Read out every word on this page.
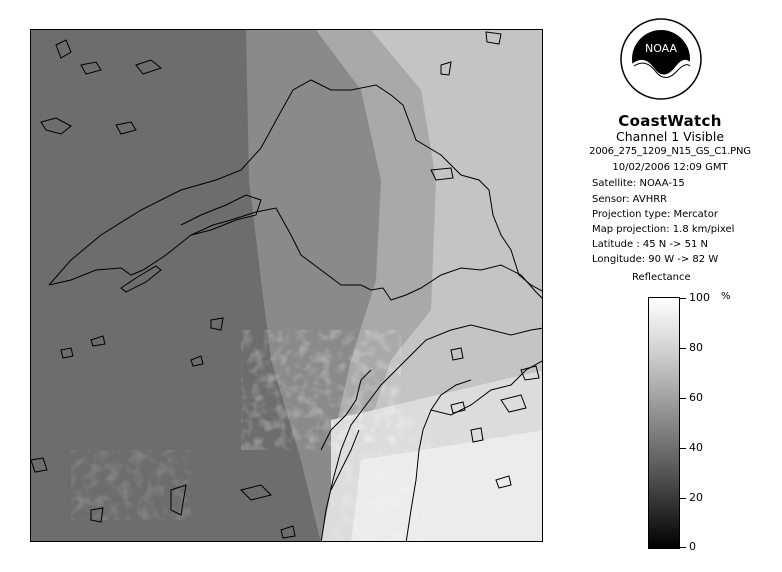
NOAA
CoastWatch
Channel 1 Visible
2006_275_1209_N15_GS_C1.PNG
10/02/2006 12:09 GMT
Satellite: NOAA-15
Sensor: AVHRR
Projection type: Mercator
Map projection: 1.8 km/pixel
Latitude : 45 N -> 51 N
Longitude: 90 W -> 82 W
Reflectance
%
100
80
60
40
20
0
